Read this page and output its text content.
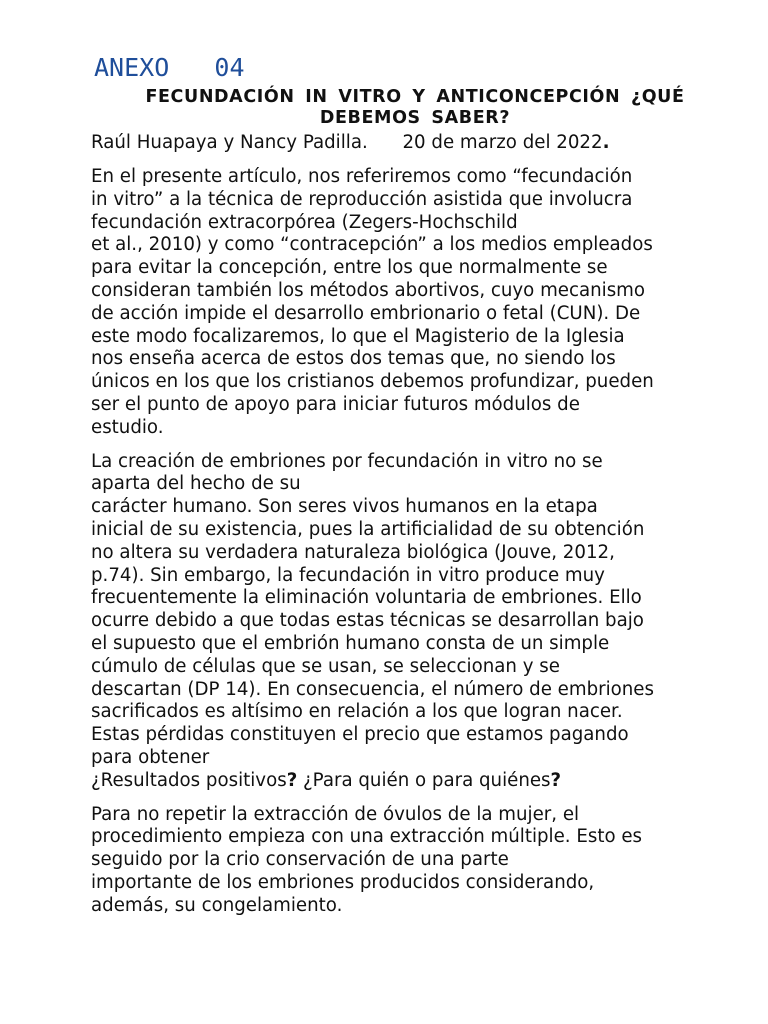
ANEXO   04
FECUNDACIÓN IN VITRO Y ANTICONCEPCIÓN ¿QUÉ
DEBEMOS SABER?
Raúl Huapaya y Nancy Padilla. 20 de marzo del 2022.
En el presente artículo, nos referiremos como “fecundación
in vitro” a la técnica de reproducción asistida que involucra
fecundación extracorpórea (Zegers-Hochschild
et al., 2010) y como “contracepción” a los medios empleados
para evitar la concepción, entre los que normalmente se
consideran también los métodos abortivos, cuyo mecanismo
de acción impide el desarrollo embrionario o fetal (CUN). De
este modo focalizaremos, lo que el Magisterio de la Iglesia
nos enseña acerca de estos dos temas que, no siendo los
únicos en los que los cristianos debemos profundizar, pueden
ser el punto de apoyo para iniciar futuros módulos de
estudio.
La creación de embriones por fecundación in vitro no se
aparta del hecho de su
carácter humano. Son seres vivos humanos en la etapa
inicial de su existencia, pues la artificialidad de su obtención
no altera su verdadera naturaleza biológica (Jouve, 2012,
p.74). Sin embargo, la fecundación in vitro produce muy
frecuentemente la eliminación voluntaria de embriones. Ello
ocurre debido a que todas estas técnicas se desarrollan bajo
el supuesto que el embrión humano consta de un simple
cúmulo de células que se usan, se seleccionan y se
descartan (DP 14). En consecuencia, el número de embriones
sacrificados es altísimo en relación a los que logran nacer.
Estas pérdidas constituyen el precio que estamos pagando
para obtener
¿Resultados positivos? ¿Para quién o para quiénes?
Para no repetir la extracción de óvulos de la mujer, el
procedimiento empieza con una extracción múltiple. Esto es
seguido por la crio conservación de una parte
importante de los embriones producidos considerando,
además, su congelamiento.
